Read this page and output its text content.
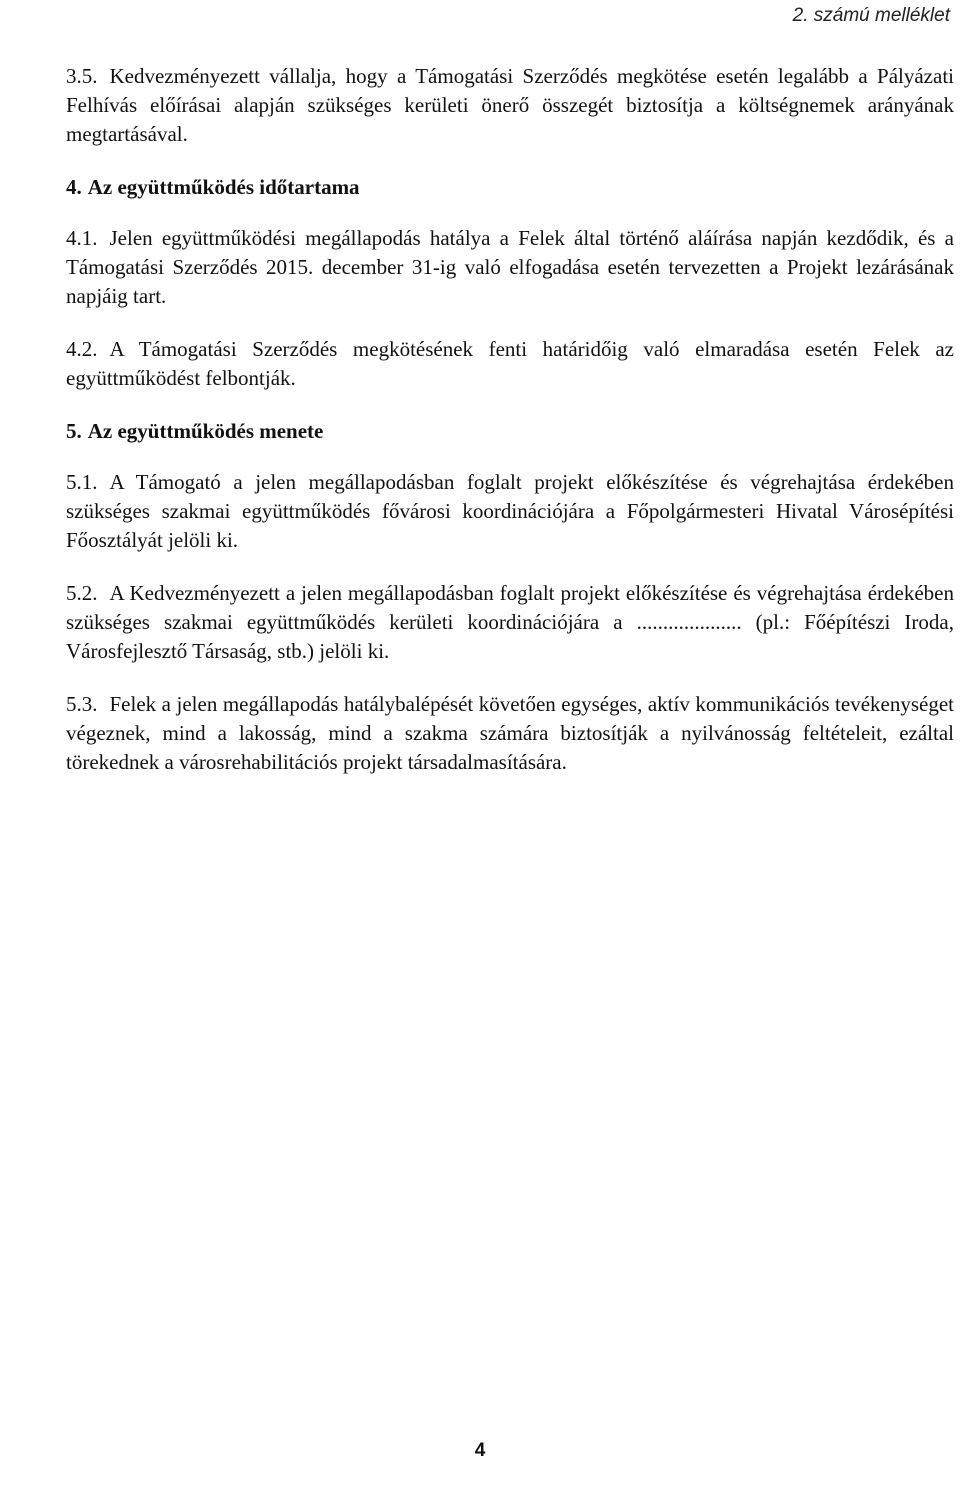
2. számú melléklet

3.5. Kedvezményezett vállalja, hogy a Támogatási Szerződés megkötése esetén legalább a Pályázati Felhívás előírásai alapján szükséges kerületi önerő összegét biztosítja a költségnemek arányának megtartásával.

4. Az együttműködés időtartama

4.1. Jelen együttműködési megállapodás hatálya a Felek által történő aláírása napján kezdődik, és a Támogatási Szerződés 2015. december 31-ig való elfogadása esetén tervezetten a Projekt lezárásának napjáig tart.

4.2. A Támogatási Szerződés megkötésének fenti határidőig való elmaradása esetén Felek az együttműködést felbontják.

5. Az együttműködés menete

5.1. A Támogató a jelen megállapodásban foglalt projekt előkészítése és végrehajtása érdekében szükséges szakmai együttműködés fővárosi koordinációjára a Főpolgármesteri Hivatal Városépítési Főosztályát jelöli ki.

5.2. A Kedvezményezett a jelen megállapodásban foglalt projekt előkészítése és végrehajtása érdekében szükséges szakmai együttműködés kerületi koordinációjára a .................... (pl.: Főépítészi Iroda, Városfejlesztő Társaság, stb.) jelöli ki.

5.3. Felek a jelen megállapodás hatálybalépését követően egységes, aktív kommunikációs tevékenységet végeznek, mind a lakosság, mind a szakma számára biztosítják a nyilvánosság feltételeit, ezáltal törekednek a városrehabilitációs projekt társadalmasítására.

4
